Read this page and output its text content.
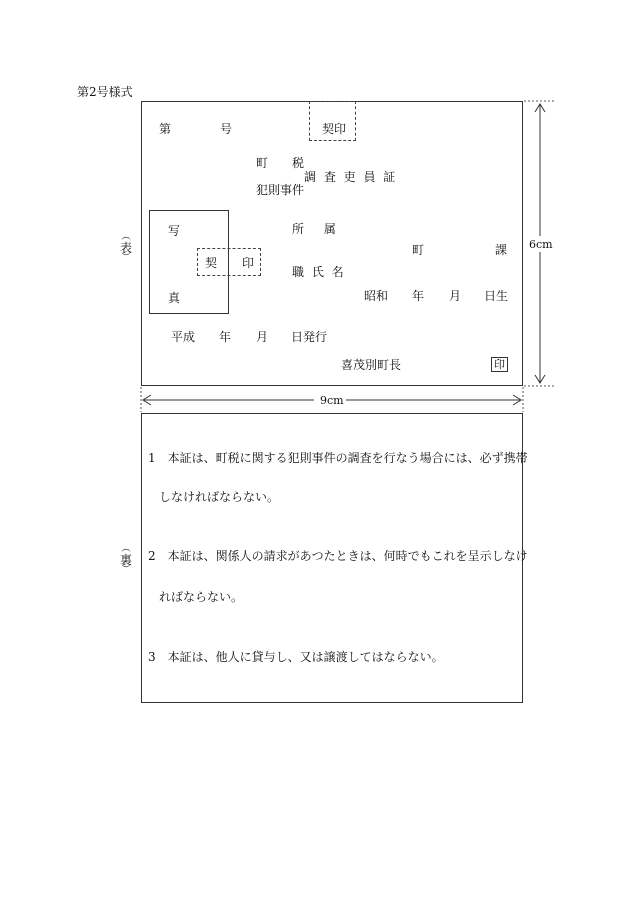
第2号様式
︵
表
︶
第	号	契印
町 税
調 査 吏 員 証
犯則事件
写
真
契 印
所 属
町	課
職 氏 名
昭和 年 月 日生
平成 年 月 日発行
喜茂別町長	印
6cm
9cm
︵
裏
︶
1　本証は、町税に関する犯則事件の調査を行なう場合には、必ず携帯
しなければならない。
2　本証は、関係人の請求があつたときは、何時でもこれを呈示しなけ
ればならない。
3　本証は、他人に貸与し、又は譲渡してはならない。
